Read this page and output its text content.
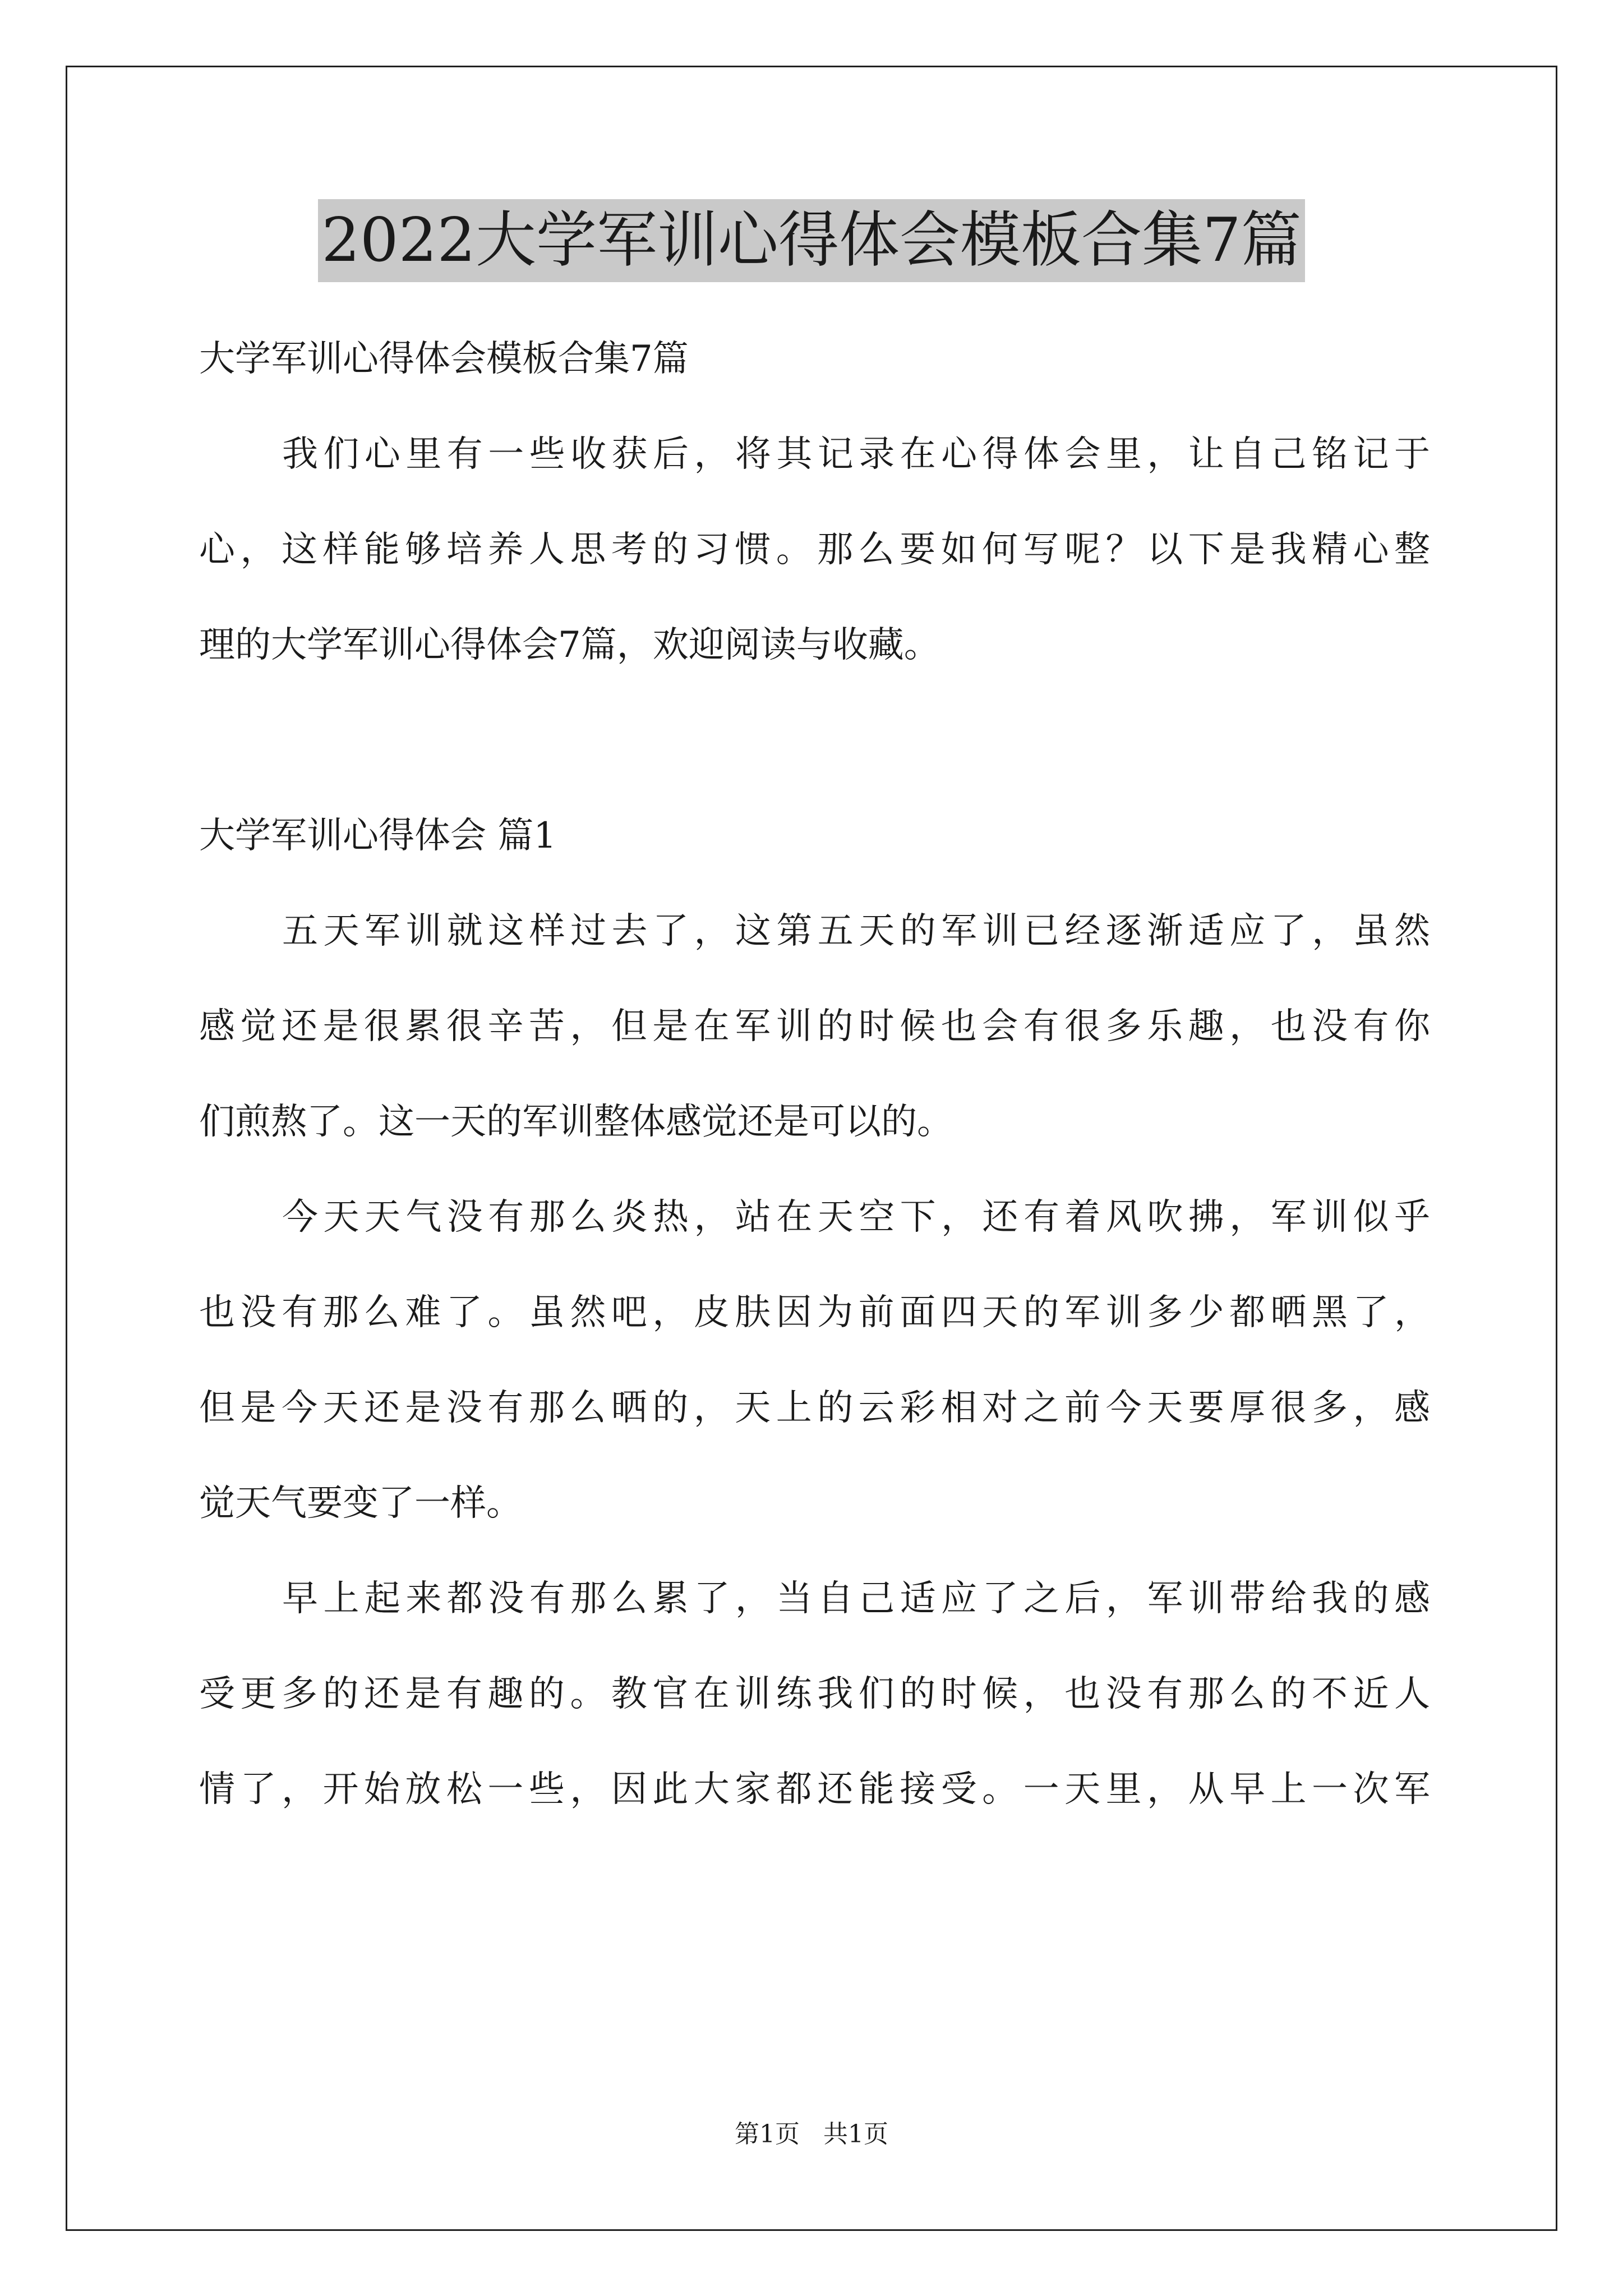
2022大学军训心得体会模板合集7篇
大学军训心得体会模板合集7篇
我们心里有一些收获后，将其记录在心得体会里，让自己铭记于
心，这样能够培养人思考的习惯。那么要如何写呢？以下是我精心整
理的大学军训心得体会7篇，欢迎阅读与收藏。
大学军训心得体会 篇1
五天军训就这样过去了，这第五天的军训已经逐渐适应了，虽然
感觉还是很累很辛苦，但是在军训的时候也会有很多乐趣，也没有你
们煎熬了。这一天的军训整体感觉还是可以的。
今天天气没有那么炎热，站在天空下，还有着风吹拂，军训似乎
也没有那么难了。虽然吧，皮肤因为前面四天的军训多少都晒黑了，
但是今天还是没有那么晒的，天上的云彩相对之前今天要厚很多，感
觉天气要变了一样。
早上起来都没有那么累了，当自己适应了之后，军训带给我的感
受更多的还是有趣的。教官在训练我们的时候，也没有那么的不近人
情了，开始放松一些，因此大家都还能接受。一天里，从早上一次军
第1页   共1页
